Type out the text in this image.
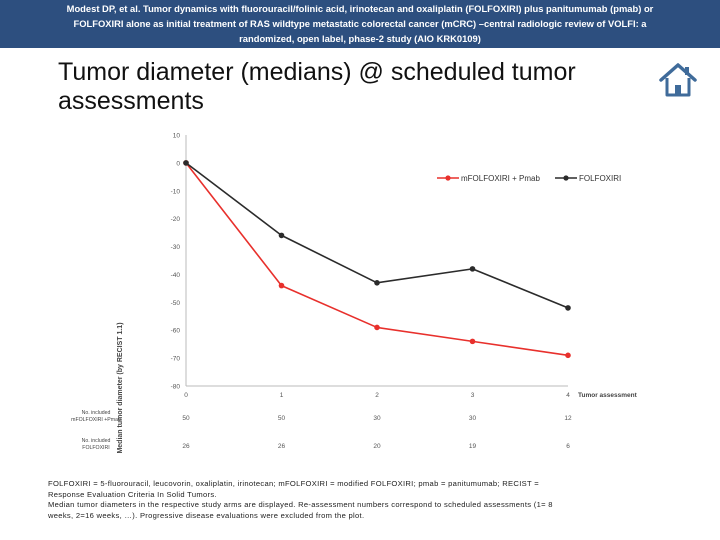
Modest DP, et al. Tumor dynamics with fluorouracil/folinic acid, irinotecan and oxaliplatin (FOLFOXIRI) plus panitumumab (pmab) or
FOLFOXIRI alone as initial treatment of RAS wildtype metastatic colorectal cancer (mCRC) –central radiologic review of VOLFI: a
randomized, open label, phase-2 study (AIO KRK0109)
Tumor diameter (medians) @ scheduled tumor assessments
10
0
-10
-20
-30
-40
-50
-60
-70
-80
0	1	2	3	4
Median tumor diameter (by RECIST 1.1)	Tumor assessment
mFOLFOXIRI + Pmab	FOLFOXIRI
No. included
mFOLFOXIRI +Pmab	50	50	30	30	12
No. included
FOLFOXIRI	26	26	20	19	6
FOLFOXIRI = 5-fluorouracil, leucovorin, oxaliplatin, irinotecan; mFOLFOXIRI = modified FOLFOXIRI; pmab = panitumumab; RECIST =
Response Evaluation Criteria In Solid Tumors.
Median tumor diameters in the respective study arms are displayed. Re-assessment numbers correspond to scheduled assessments (1= 8
weeks, 2=16 weeks, …). Progressive disease evaluations were excluded from the plot.
